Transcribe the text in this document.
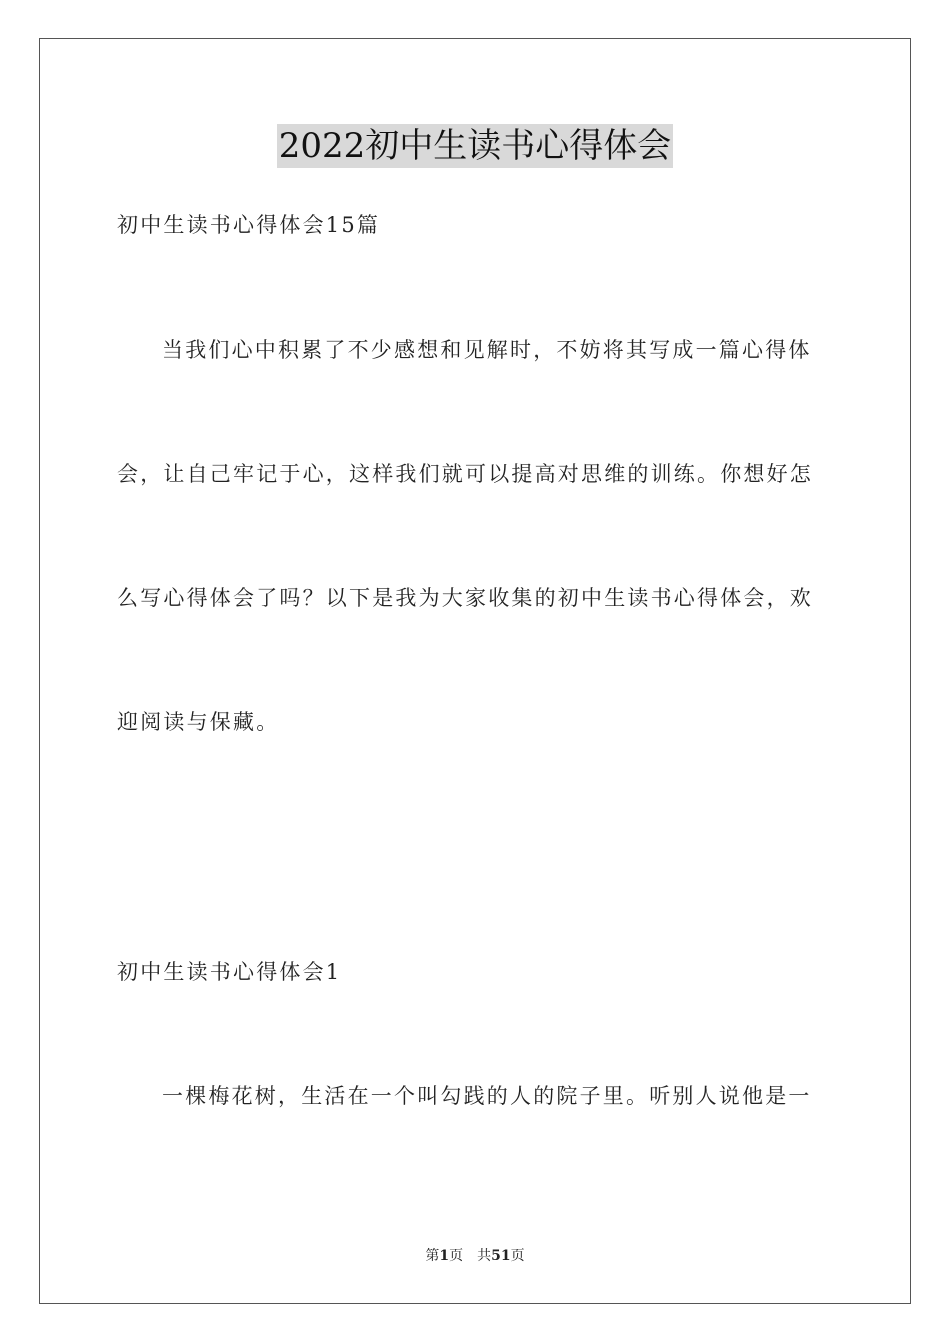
2022初中生读书心得体会
初中生读书心得体会15篇
当我们心中积累了不少感想和见解时，不妨将其写成一篇心得体
会，让自己牢记于心，这样我们就可以提高对思维的训练。你想好怎
么写心得体会了吗？以下是我为大家收集的初中生读书心得体会，欢
迎阅读与保藏。
初中生读书心得体会1
一棵梅花树，生活在一个叫勾践的人的院子里。听别人说他是一
第1页 共51页
